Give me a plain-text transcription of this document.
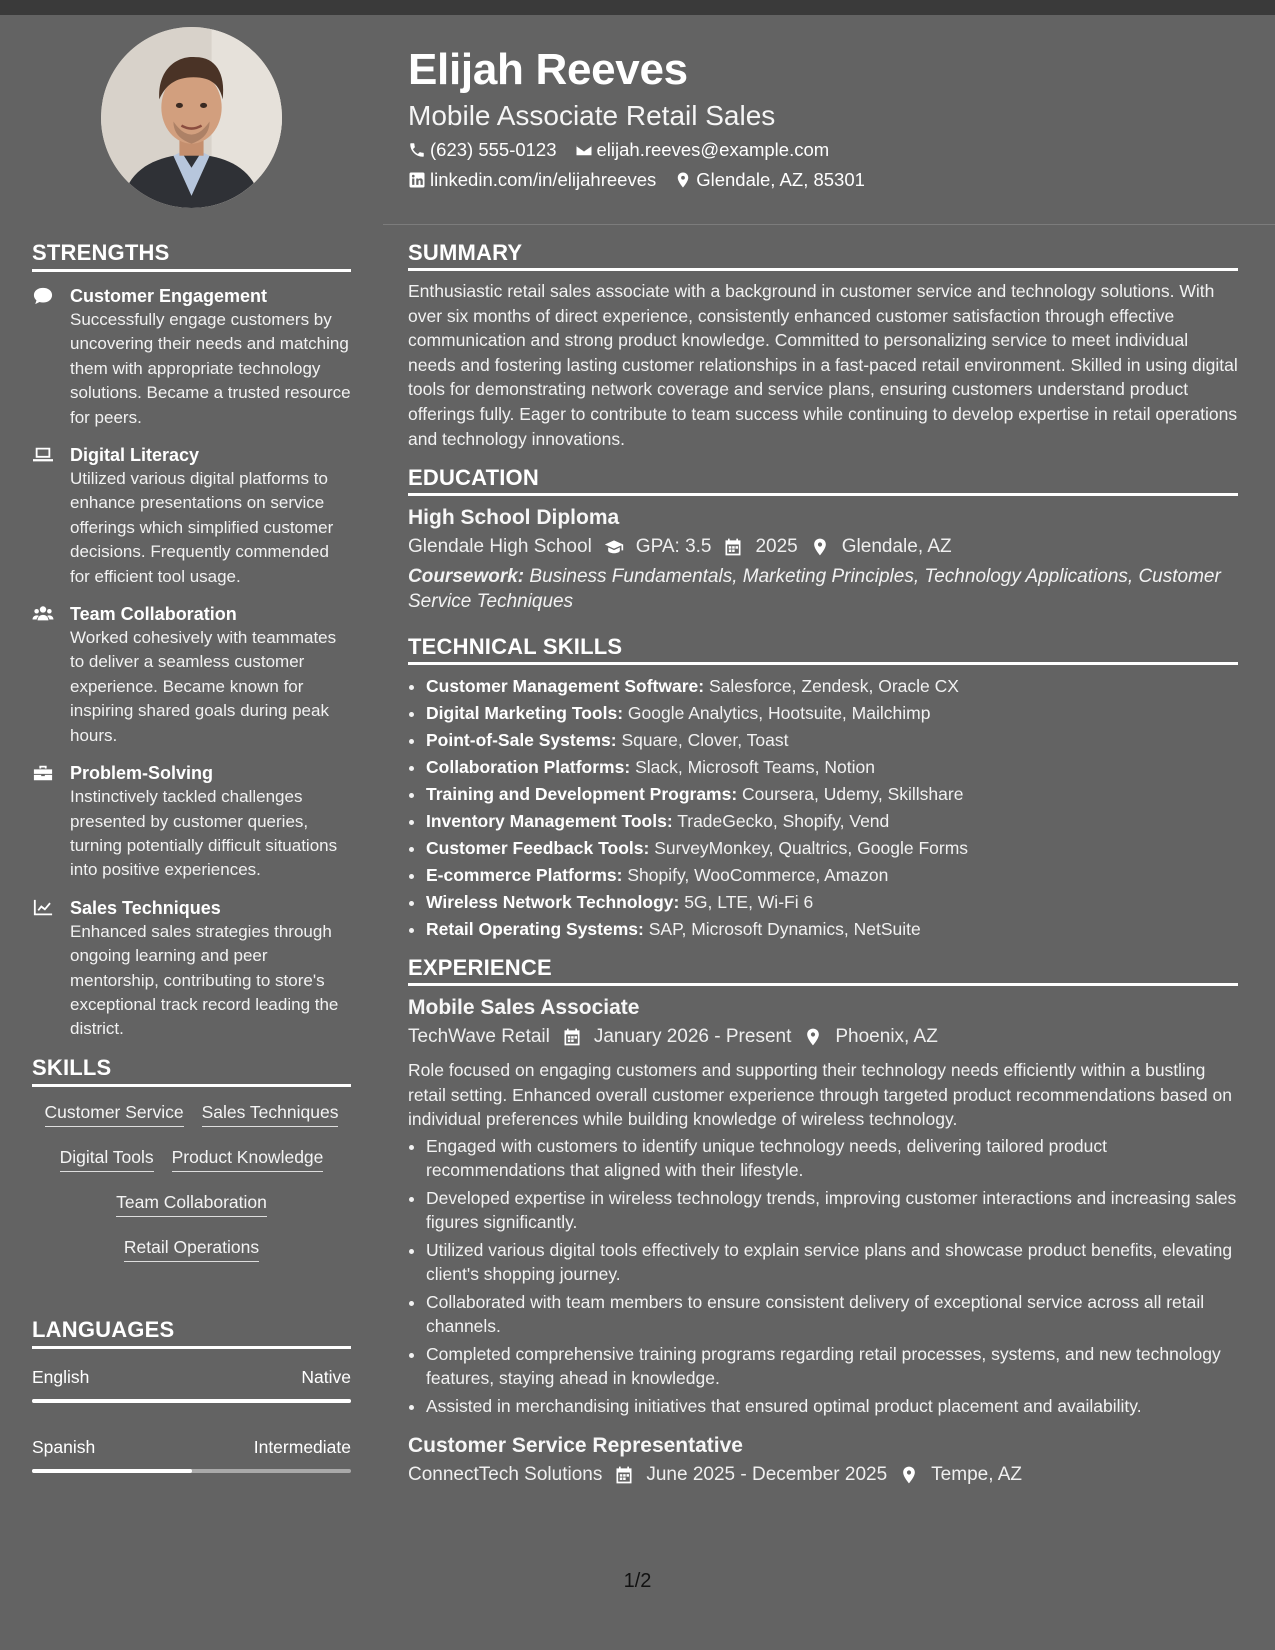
Elijah Reeves
Mobile Associate Retail Sales
(623) 555-0123 elijah.reeves@example.com
linkedin.com/in/elijahreeves Glendale, AZ, 85301
STRENGTHS
Customer Engagement
Successfully engage customers by uncovering their needs and matching them with appropriate technology solutions. Became a trusted resource for peers.
Digital Literacy
Utilized various digital platforms to enhance presentations on service offerings which simplified customer decisions. Frequently commended for efficient tool usage.
Team Collaboration
Worked cohesively with teammates to deliver a seamless customer experience. Became known for inspiring shared goals during peak hours.
Problem-Solving
Instinctively tackled challenges presented by customer queries, turning potentially difficult situations into positive experiences.
Sales Techniques
Enhanced sales strategies through ongoing learning and peer mentorship, contributing to store's exceptional track record leading the district.
SKILLS
Customer Service Sales Techniques
Digital Tools Product Knowledge
Team Collaboration
Retail Operations
LANGUAGES
English	Native
Spanish	Intermediate
SUMMARY

Enthusiastic retail sales associate with a background in customer service and technology solutions. With over six months of direct experience, consistently enhanced customer satisfaction through effective communication and strong product knowledge. Committed to personalizing service to meet individual needs and fostering lasting customer relationships in a fast-paced retail environment. Skilled in using digital tools for demonstrating network coverage and service plans, ensuring customers understand product offerings fully. Eager to contribute to team success while continuing to develop expertise in retail operations and technology innovations.

EDUCATION
High School Diploma
Glendale High School GPA: 3.5 2025 Glendale, AZ
Coursework: Business Fundamentals, Marketing Principles, Technology Applications, Customer Service Techniques
TECHNICAL SKILLS
• Customer Management Software: Salesforce, Zendesk, Oracle CX
• Digital Marketing Tools: Google Analytics, Hootsuite, Mailchimp
• Point-of-Sale Systems: Square, Clover, Toast
• Collaboration Platforms: Slack, Microsoft Teams, Notion
• Training and Development Programs: Coursera, Udemy, Skillshare
• Inventory Management Tools: TradeGecko, Shopify, Vend
• Customer Feedback Tools: SurveyMonkey, Qualtrics, Google Forms
• E-commerce Platforms: Shopify, WooCommerce, Amazon
• Wireless Network Technology: 5G, LTE, Wi-Fi 6
• Retail Operating Systems: SAP, Microsoft Dynamics, NetSuite
EXPERIENCE
Mobile Sales Associate
TechWave Retail January 2026 - Present Phoenix, AZ
Role focused on engaging customers and supporting their technology needs efficiently within a bustling retail setting. Enhanced overall customer experience through targeted product recommendations based on individual preferences while building knowledge of wireless technology.
• Engaged with customers to identify unique technology needs, delivering tailored product recommendations that aligned with their lifestyle.
• Developed expertise in wireless technology trends, improving customer interactions and increasing sales figures significantly.
• Utilized various digital tools effectively to explain service plans and showcase product benefits, elevating client's shopping journey.
• Collaborated with team members to ensure consistent delivery of exceptional service across all retail channels.
• Completed comprehensive training programs regarding retail processes, systems, and new technology features, staying ahead in knowledge.
• Assisted in merchandising initiatives that ensured optimal product placement and availability.
Customer Service Representative
ConnectTech Solutions June 2025 - December 2025 Tempe, AZ
1/2
